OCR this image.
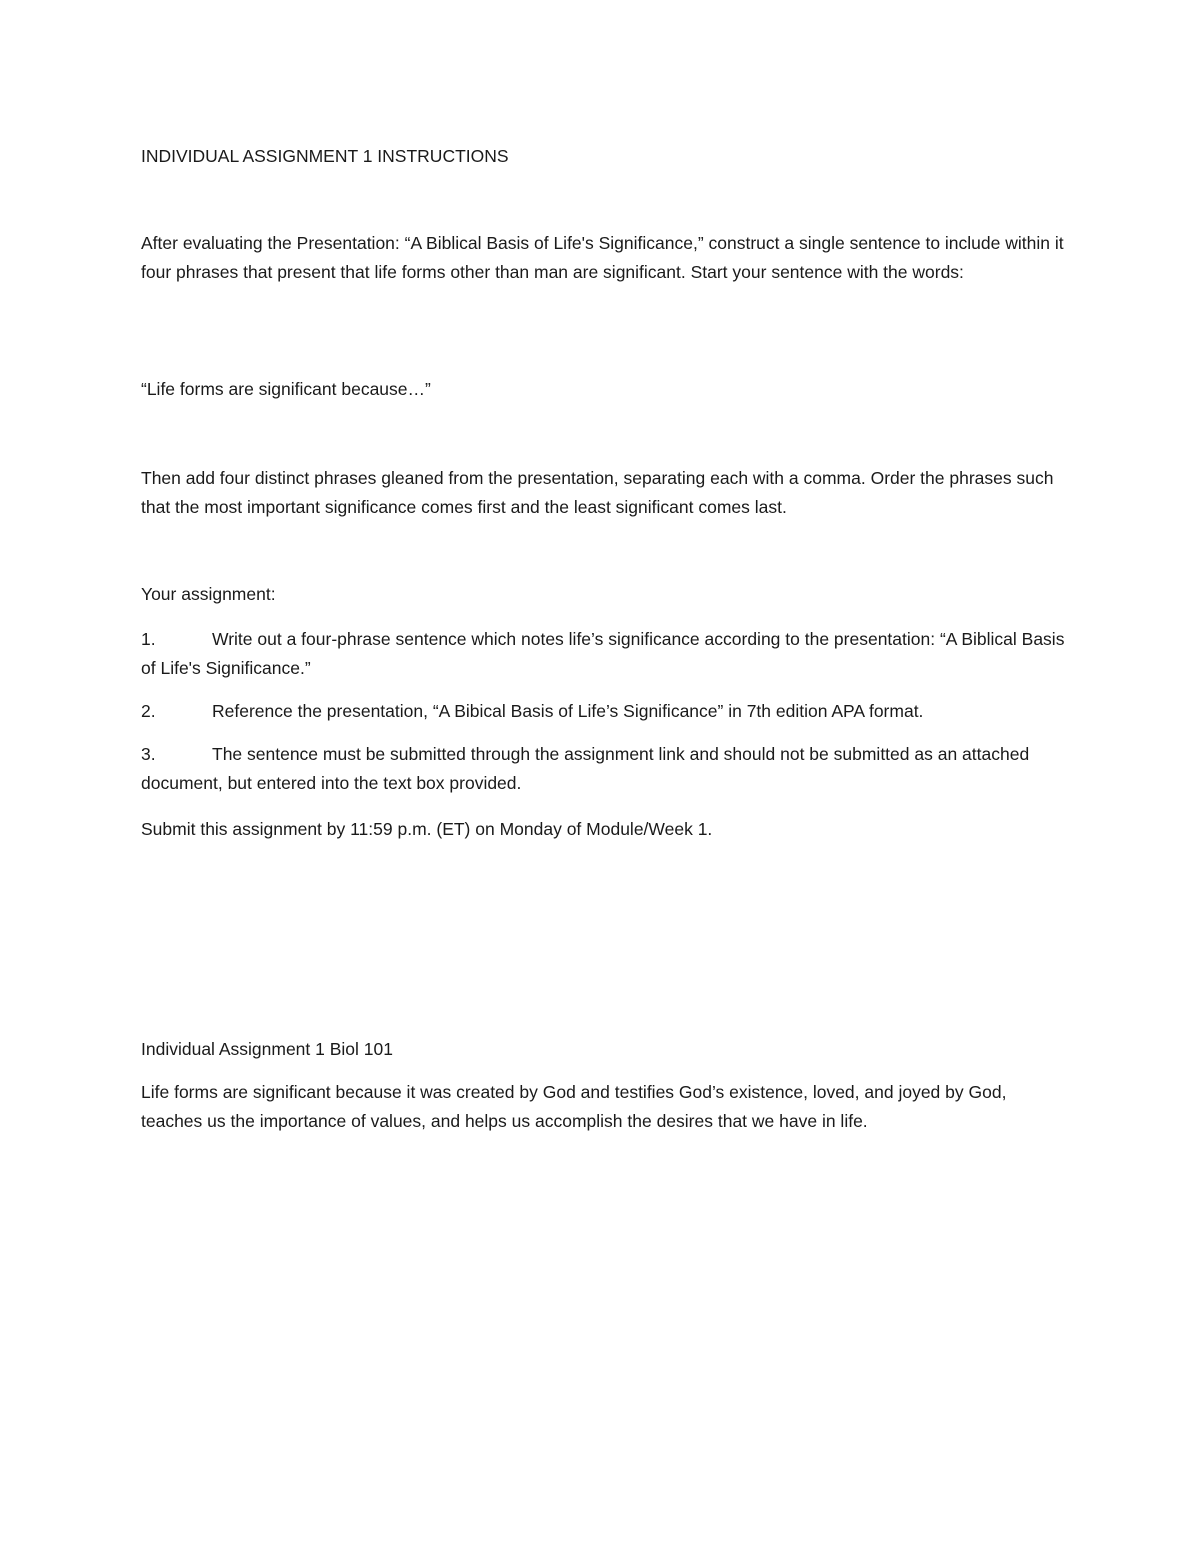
INDIVIDUAL ASSIGNMENT 1 INSTRUCTIONS

After evaluating the Presentation: “A Biblical Basis of Life's Significance,” construct a single sentence to include within it four phrases that present that life forms other than man are significant. Start your sentence with the words:

“Life forms are significant because…”

Then add four distinct phrases gleaned from the presentation, separating each with a comma. Order the phrases such that the most important significance comes first and the least significant comes last.

Your assignment:

1.	Write out a four-phrase sentence which notes life’s significance according to the presentation: “A Biblical Basis of Life's Significance.”
2.	Reference the presentation, “A Bibical Basis of Life’s Significance” in 7th edition APA format.
3.	The sentence must be submitted through the assignment link and should not be submitted as an attached document, but entered into the text box provided.

Submit this assignment by 11:59 p.m. (ET) on Monday of Module/Week 1.

Individual Assignment 1 Biol 101

Life forms are significant because it was created by God and testifies God’s existence, loved, and joyed by God, teaches us the importance of values, and helps us accomplish the desires that we have in life.
